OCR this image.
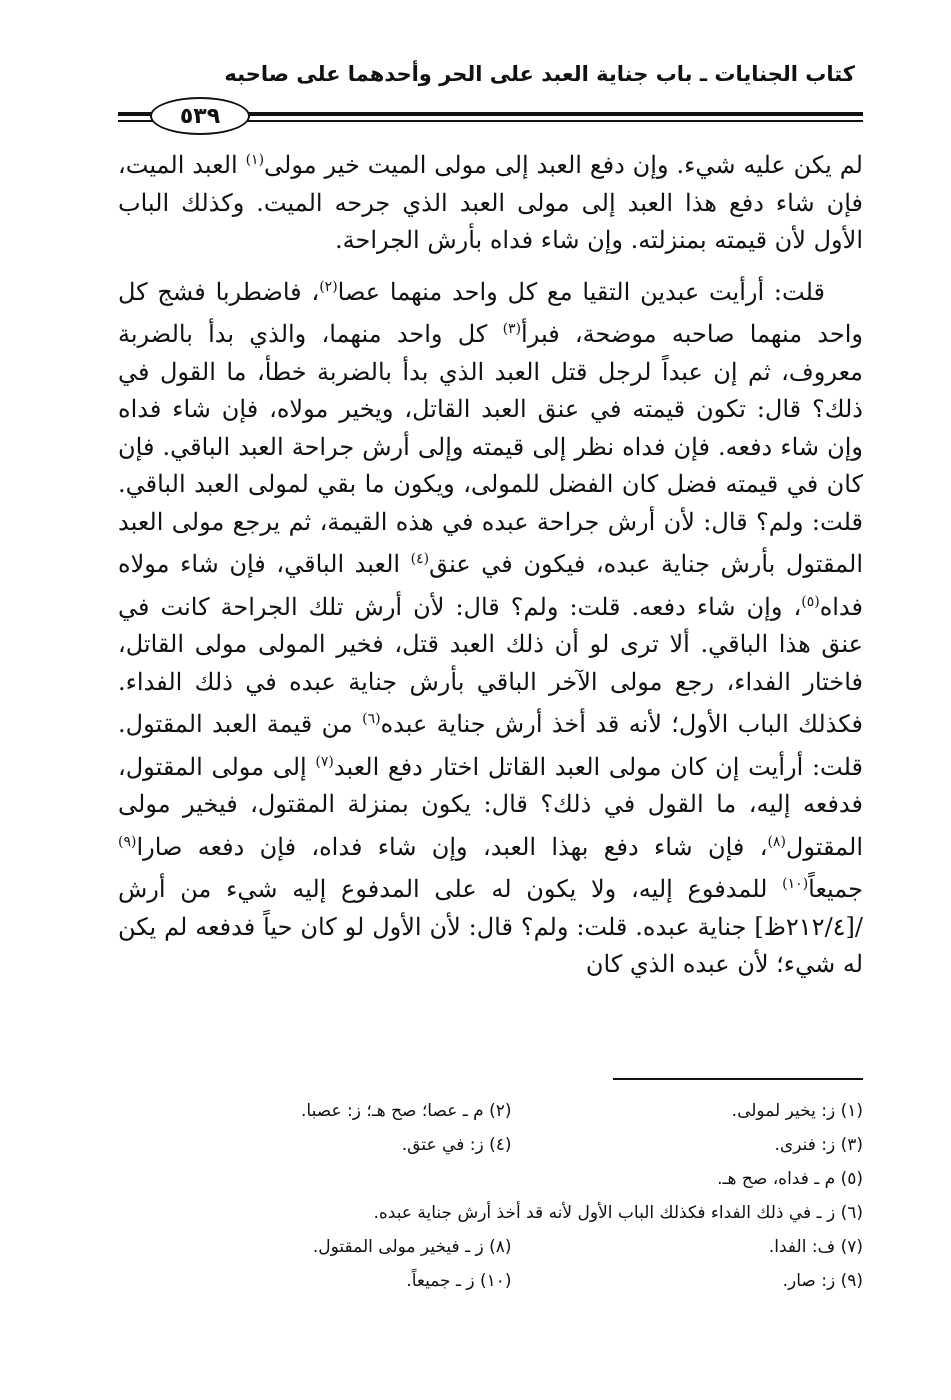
كتاب الجنايات ـ باب جناية العبد على الحر وأحدهما على صاحبه
٥٣٩

لم يكن عليه شيء. وإن دفع العبد إلى مولى الميت خير مولى$^{(١)}$ العبد الميت، فإن شاء دفع هذا العبد إلى مولى العبد الذي جرحه الميت. وكذلك الباب الأول لأن قيمته بمنزلته. وإن شاء فداه بأرش الجراحة.

قلت: أرأيت عبدين التقيا مع كل واحد منهما عصا$^{(٢)}$، فاضطربا فشج كل واحد منهما صاحبه موضحة، فبرأ$^{(٣)}$ كل واحد منهما، والذي بدأ بالضربة معروف، ثم إن عبداً لرجل قتل العبد الذي بدأ بالضربة خطأ، ما القول في ذلك؟ قال: تكون قيمته في عنق العبد القاتل، ويخير مولاه، فإن شاء فداه وإن شاء دفعه. فإن فداه نظر إلى قيمته وإلى أرش جراحة العبد الباقي. فإن كان في قيمته فضل كان الفضل للمولى، ويكون ما بقي لمولى العبد الباقي. قلت: ولم؟ قال: لأن أرش جراحة عبده في هذه القيمة، ثم يرجع مولى العبد المقتول بأرش جناية عبده، فيكون في عنق$^{(٤)}$ العبد الباقي، فإن شاء مولاه فداه$^{(٥)}$، وإن شاء دفعه. قلت: ولم؟ قال: لأن أرش تلك الجراحة كانت في عنق هذا الباقي. ألا ترى لو أن ذلك العبد قتل، فخير المولى مولى القاتل، فاختار الفداء، رجع مولى الآخر الباقي بأرش جناية عبده في ذلك الفداء. فكذلك الباب الأول؛ لأنه قد أخذ أرش جناية عبده$^{(٦)}$ من قيمة العبد المقتول. قلت: أرأيت إن كان مولى العبد القاتل اختار دفع العبد$^{(٧)}$ إلى مولى المقتول، فدفعه إليه، ما القول في ذلك؟ قال: يكون بمنزلة المقتول، فيخير مولى المقتول$^{(٨)}$، فإن شاء دفع بهذا العبد، وإن شاء فداه، فإن دفعه صارا$^{(٩)}$ جميعاً$^{(١٠)}$ للمدفوع إليه، ولا يكون له على المدفوع إليه شيء من أرش /[٢١٢/٤ظ] جناية عبده. قلت: ولم؟ قال: لأن الأول لو كان حياً فدفعه لم يكن له شيء؛ لأن عبده الذي كان

(١) ز: يخير لمولى.
(٢) م ـ عصا؛ صح هـ؛ ز: عصبا.
(٣) ز: فنرى.
(٤) ز: في عتق.
(٥) م ـ فداه، صح هـ.
(٦) ز ـ في ذلك الفداء فكذلك الباب الأول لأنه قد أخذ أرش جناية عبده.
(٧) ف: الفدا.
(٨) ز ـ فيخير مولى المقتول.
(٩) ز: صار.
(١٠) ز ـ جميعاً.
